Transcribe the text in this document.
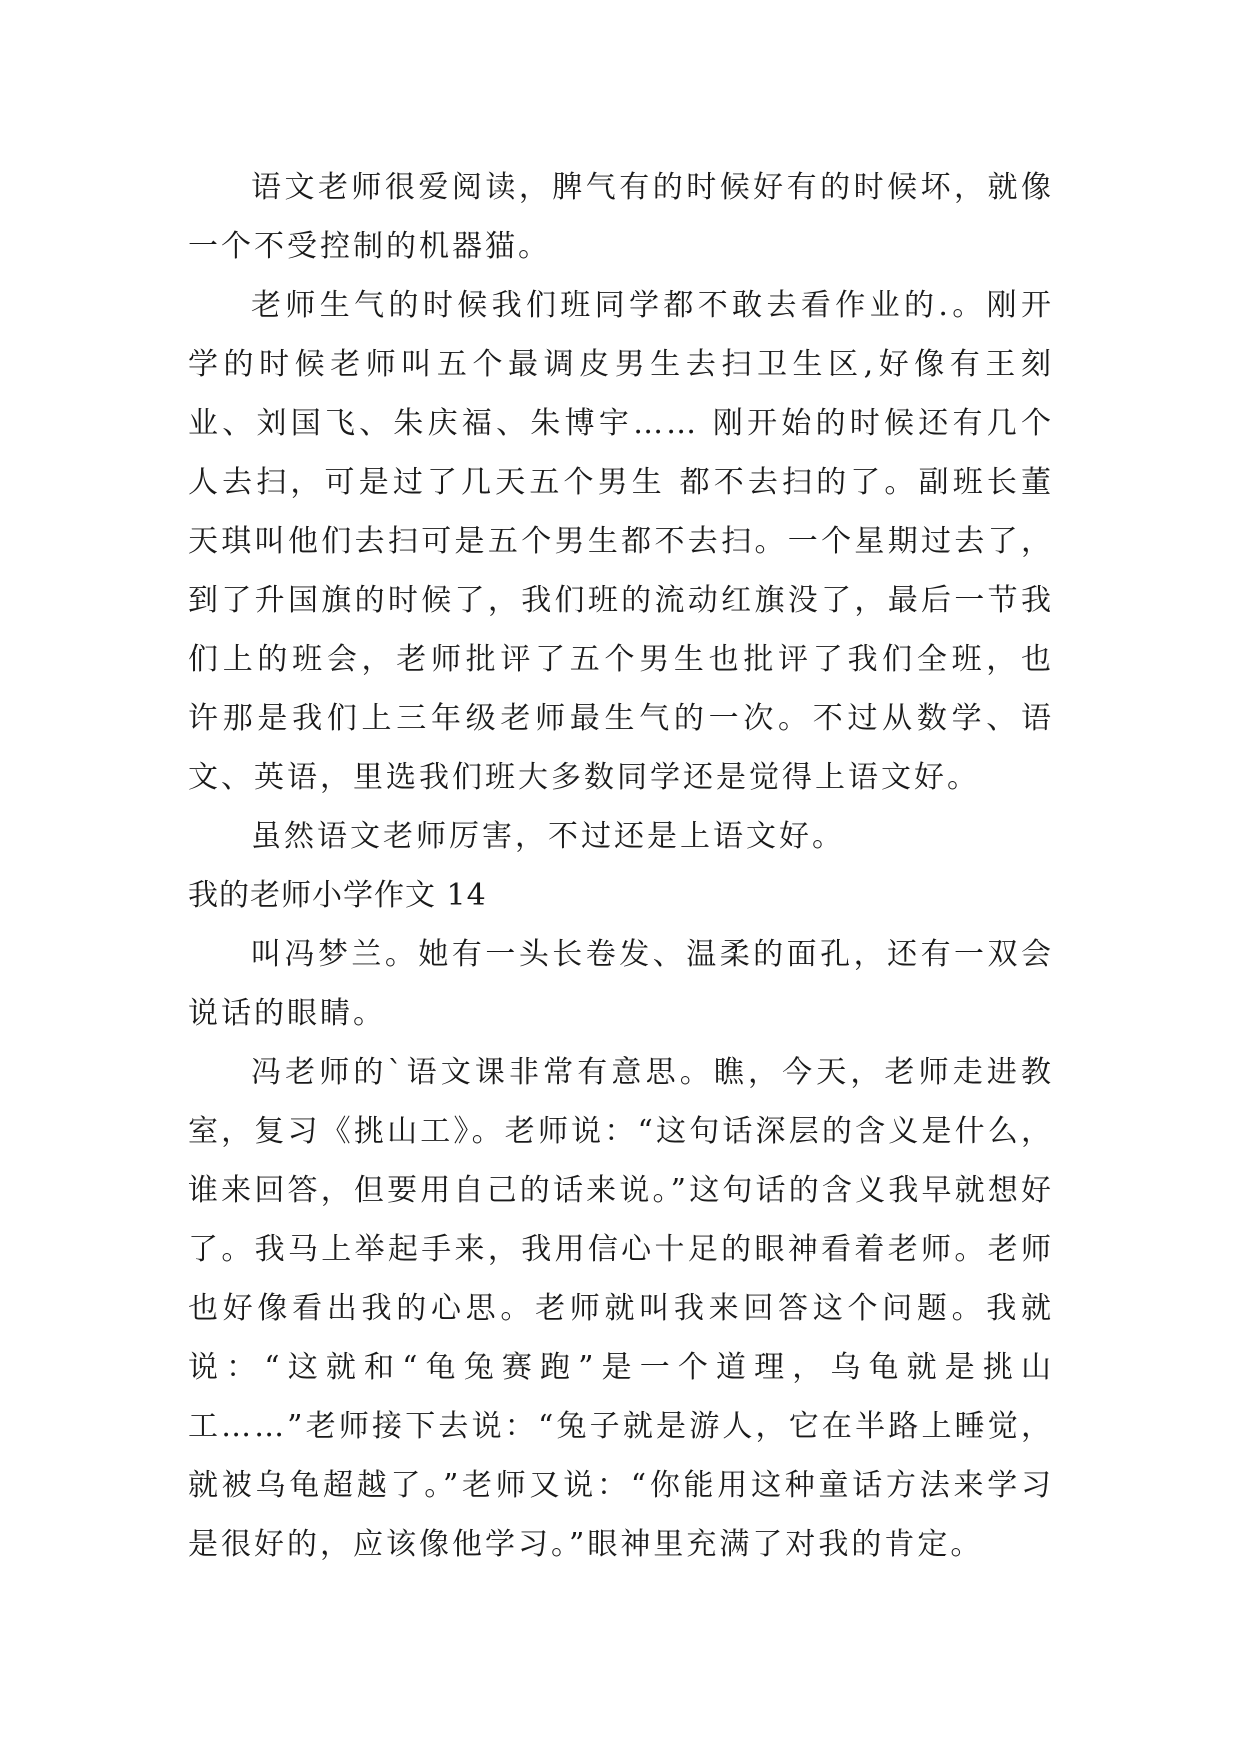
语文老师很爱阅读，脾气有的时候好有的时候坏，就像一个不受控制的机器猫。

老师生气的时候我们班同学都不敢去看作业的.。刚开学的时候老师叫五个最调皮男生去扫卫生区,好像有王刻业、刘国飞、朱庆福、朱博宇…… 刚开始的时候还有几个人去扫，可是过了几天五个男生 都不去扫的了。副班长董天琪叫他们去扫可是五个男生都不去扫。一个星期过去了，到了升国旗的时候了，我们班的流动红旗没了，最后一节我们上的班会，老师批评了五个男生也批评了我们全班，也 许那是我们上三年级老师最生气的一次。不过从数学、语文、英语，里选我们班大多数同学还是觉得上语文好。

虽然语文老师厉害，不过还是上语文好。

我的老师小学作文 14

叫冯梦兰。她有一头长卷发、温柔的面孔，还有一双会说话的眼睛。

冯老师的`语文课非常有意思。瞧，今天，老师走进教室，复习《挑山工》。老师说：“这句话深层的含义是什么，谁来回答，但要用自己的话来说。”这句话的含义我早就想好了。我马上举起手来，我用信心十足的眼神看着老师。老师也好像看出我的心思。老师就叫我来回答这个问题。我就说：“这就和“龟兔赛跑”是一个道理，乌龟就是挑山工……”老师接下去说：“兔子就是游人，它在半路上睡觉，就被乌龟超越了。”老师又说：“你能用这种童话方法来学习是很好的，应该像他学习。”眼神里充满了对我的肯定。
